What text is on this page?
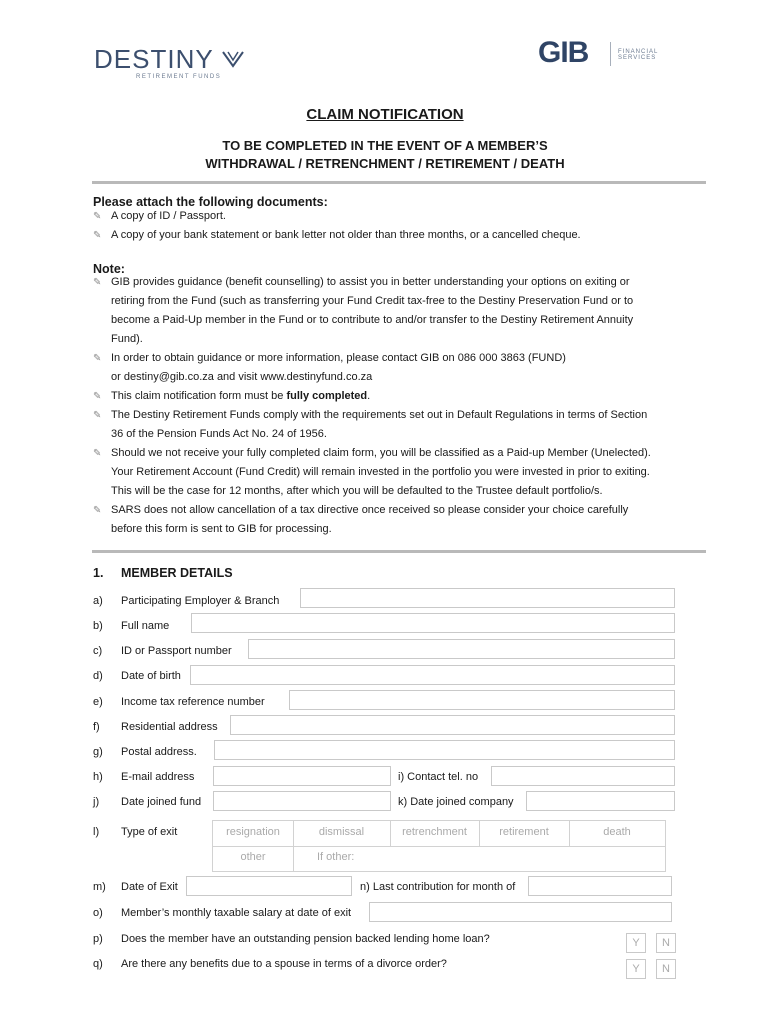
DESTINY
RETIREMENT FUNDS
GIB	FINANCIAL SERVICES
CLAIM NOTIFICATION
TO BE COMPLETED IN THE EVENT OF A MEMBER’S
WITHDRAWAL / RETRENCHMENT / RETIREMENT / DEATH
Please attach the following documents:
✎ A copy of ID / Passport.
✎ A copy of your bank statement or bank letter not older than three months, or a cancelled cheque.
Note:
✎ GIB provides guidance (benefit counselling) to assist you in better understanding your options on exiting or
retiring from the Fund (such as transferring your Fund Credit tax-free to the Destiny Preservation Fund or to
become a Paid-Up member in the Fund or to contribute to and/or transfer to the Destiny Retirement Annuity
Fund).
✎ In order to obtain guidance or more information, please contact GIB on 086 000 3863 (FUND)
or destiny@gib.co.za and visit www.destinyfund.co.za
✎ This claim notification form must be fully completed.
✎ The Destiny Retirement Funds comply with the requirements set out in Default Regulations in terms of Section
36 of the Pension Funds Act No. 24 of 1956.
✎ Should we not receive your fully completed claim form, you will be classified as a Paid-up Member (Unelected).
Your Retirement Account (Fund Credit) will remain invested in the portfolio you were invested in prior to exiting.
This will be the case for 12 months, after which you will be defaulted to the Trustee default portfolio/s.
✎ SARS does not allow cancellation of a tax directive once received so please consider your choice carefully
before this form is sent to GIB for processing.
1. MEMBER DETAILS
a) Participating Employer & Branch
b) Full name
c) ID or Passport number
d) Date of birth
e) Income tax reference number
f) Residential address
g) Postal address.
h) E-mail address	i) Contact tel. no
j) Date joined fund	k) Date joined company
l) Type of exit	resignation	dismissal	retrenchment	retirement	death
other	If other:
m) Date of Exit	n) Last contribution for month of
o) Member’s monthly taxable salary at date of exit
p) Does the member have an outstanding pension backed lending home loan?	Y	N
q) Are there any benefits due to a spouse in terms of a divorce order?	Y	N
